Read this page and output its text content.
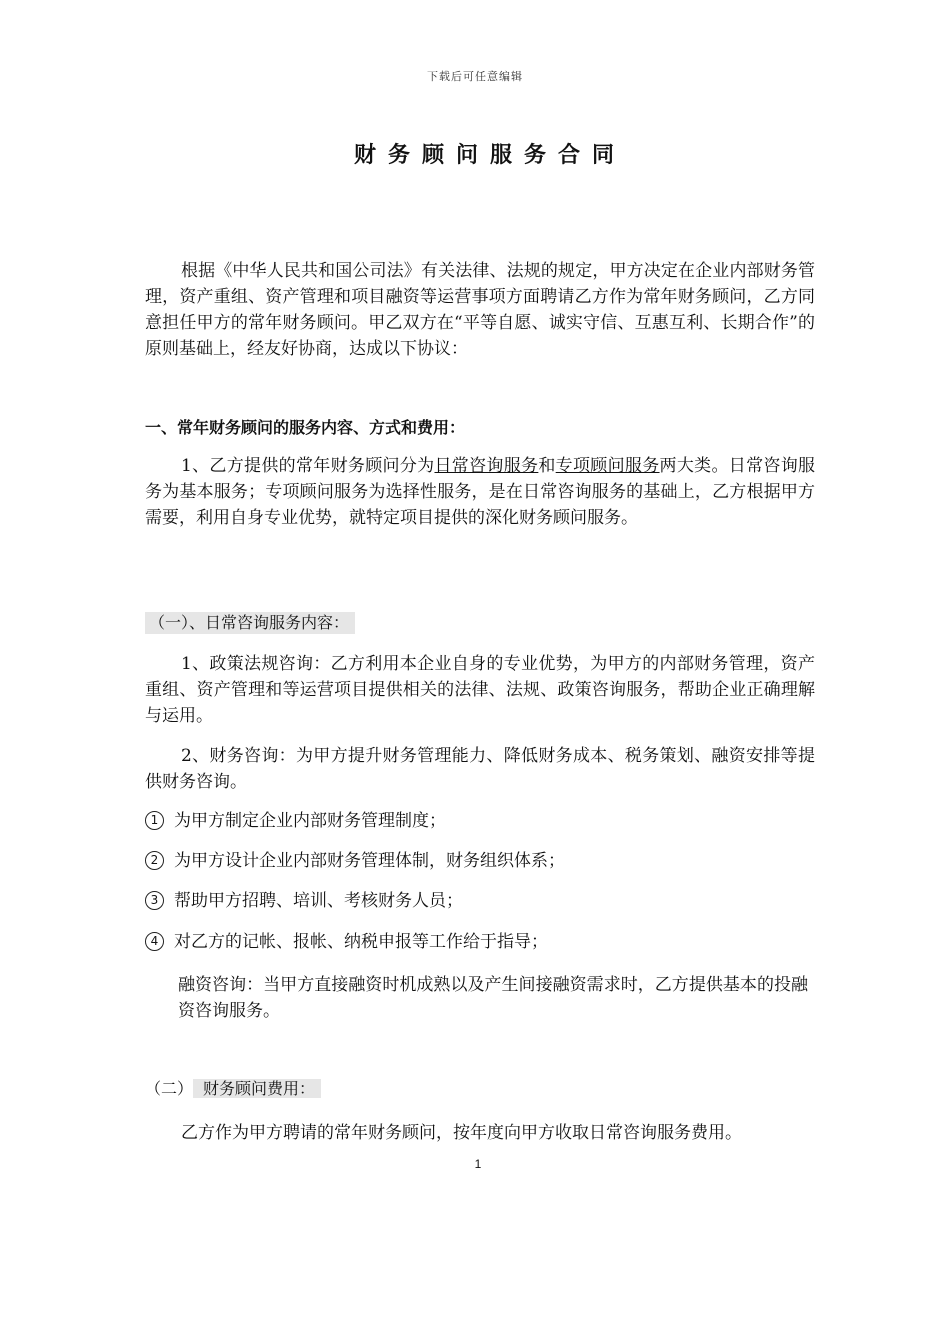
下载后可任意编辑
财务顾问服务合同
根据《中华人民共和国公司法》有关法律、法规的规定，甲方决定在企业内部财务管理，资产重组、资产管理和项目融资等运营事项方面聘请乙方作为常年财务顾问，乙方同意担任甲方的常年财务顾问。甲乙双方在“平等自愿、诚实守信、互惠互利、长期合作”的原则基础上，经友好协商，达成以下协议：
一、常年财务顾问的服务内容、方式和费用：
1、乙方提供的常年财务顾问分为日常咨询服务和专项顾问服务两大类。日常咨询服务为基本服务；专项顾问服务为选择性服务，是在日常咨询服务的基础上，乙方根据甲方需要，利用自身专业优势，就特定项目提供的深化财务顾问服务。
（一）、日常咨询服务内容：
1、政策法规咨询：乙方利用本企业自身的专业优势，为甲方的内部财务管理，资产重组、资产管理和等运营项目提供相关的法律、法规、政策咨询服务，帮助企业正确理解与运用。
2、财务咨询：为甲方提升财务管理能力、降低财务成本、税务策划、融资安排等提供财务咨询。
1 为甲方制定企业内部财务管理制度；
2 为甲方设计企业内部财务管理体制，财务组织体系；
3 帮助甲方招聘、培训、考核财务人员；
4 对乙方的记帐、报帐、纳税申报等工作给于指导；
融资咨询：当甲方直接融资时机成熟以及产生间接融资需求时，乙方提供基本的投融资咨询服务。
（二） 财务顾问费用：
乙方作为甲方聘请的常年财务顾问，按年度向甲方收取日常咨询服务费用。
1
